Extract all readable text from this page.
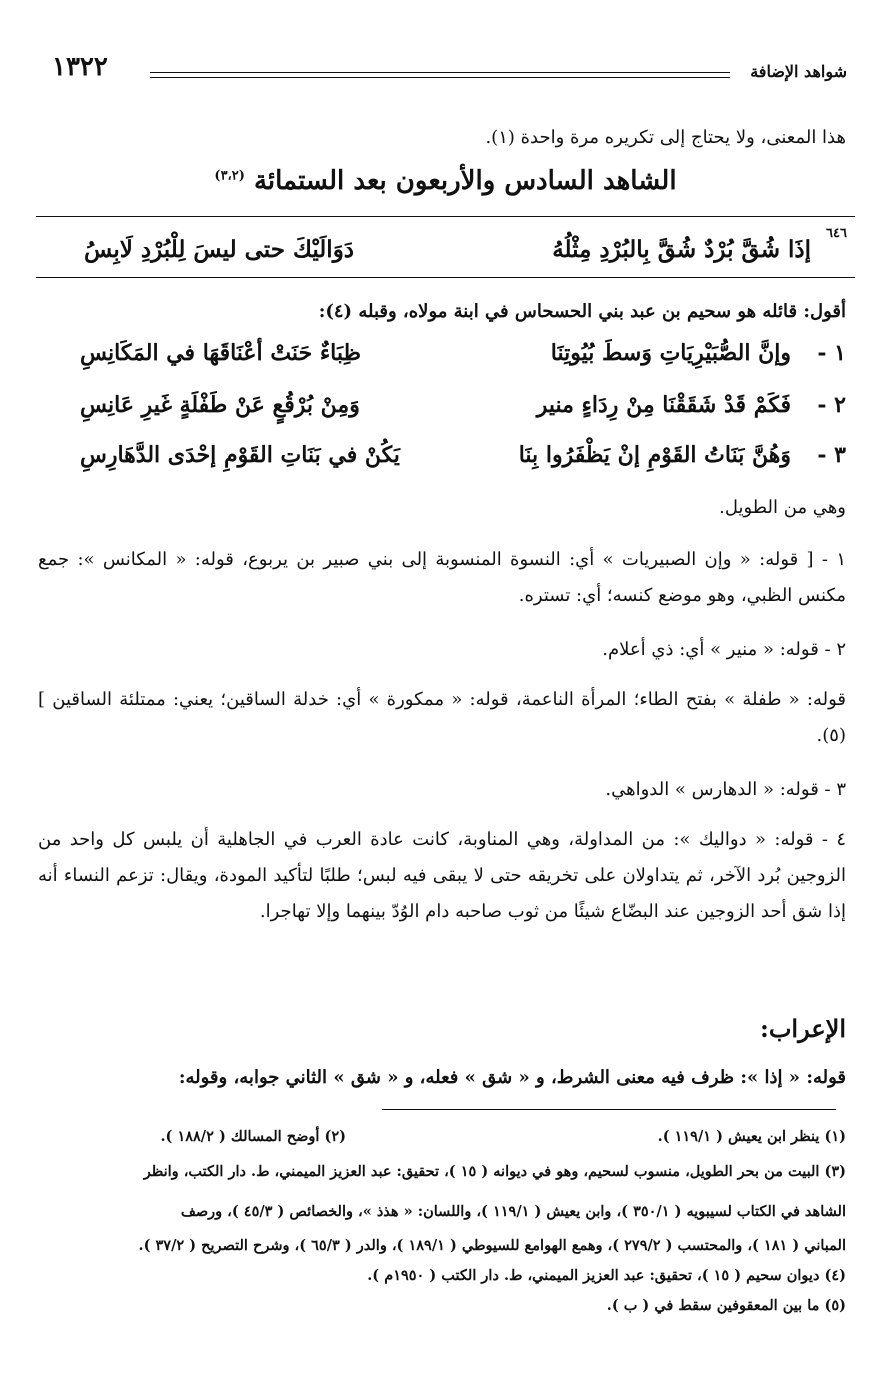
١٣٢٢	شواهد الإضافة
هذا المعنى، ولا يحتاج إلى تكريره مرة واحدة (١).
الشاهد السادس والأربعون بعد الستمائة $^{(٣،٢)}$
٦٤٦
إذَا شُقَّ بُرْدٌ شُقَّ بِالبُرْدِ مِثْلُهُ
دَوَالَيْكَ حتى ليسَ لِلْبُرْدِ لَابِسُ
أقول: قائله هو سحيم بن عبد بني الحسحاس في ابنة مولاه، وقبله (٤):
١ -
وإنَّ الصُّبَيْرِيَاتِ وَسطَ بُيُوتِنَا
ظِبَاءٌ حَنَتْ أعْنَاقَهَا في المَكَانِسِ
٢ -
فَكَمْ قَدْ شَقَقْنَا مِنْ رِدَاءٍ منير
وَمِنْ بُرْقُعٍ عَنْ طَفْلَةٍ غَيرِ عَانِسِ
٣ -
وَهُنَّ بَنَاتُ القَوْمِ إنْ يَظْفَرُوا بِنَا
يَكُنْ في بَنَاتِ القَوْمِ إحْدَى الدَّهَارِسِ
وهي من الطويل.
١ - [ قوله: « وإن الصبيريات » أي: النسوة المنسوبة إلى بني صبير بن يربوع، قوله: « المكانس »: جمع مكنس الظبي، وهو موضع كنسه؛ أي: تستره.
٢ - قوله: « منير » أي: ذي أعلام.
قوله: « طفلة » بفتح الطاء؛ المرأة الناعمة، قوله: « ممكورة » أي: خدلة الساقين؛ يعني: ممتلئة الساقين ] (٥).
٣ - قوله: « الدهارس » الدواهي.
٤ - قوله: « دواليك »: من المداولة، وهي المناوبة، كانت عادة العرب في الجاهلية أن يلبس كل واحد من الزوجين بُرد الآخر، ثم يتداولان على تخريقه حتى لا يبقى فيه لبس؛ طلبًا لتأكيد المودة، ويقال: تزعم النساء أنه إذا شق أحد الزوجين عند البضّاع شيئًا من ثوب صاحبه دام الوُدّ بينهما وإلا تهاجرا.
الإعراب:
قوله: « إذا »: ظرف فيه معنى الشرط، و « شق » فعله، و « شق » الثاني جوابه، وقوله:
(١) ينظر ابن يعيش ( ١١٩/١ ).
(٢) أوضح المسالك ( ١٨٨/٢ ).
(٣) البيت من بحر الطويل، منسوب لسحيم، وهو في ديوانه ( ١٥ )، تحقيق: عبد العزيز الميمني، ط. دار الكتب، وانظر
الشاهد في الكتاب لسيبويه ( ٣٥٠/١ )، وابن يعيش ( ١١٩/١ )، واللسان: « هذذ »، والخصائص ( ٤٥/٣ )، ورصف
المباني ( ١٨١ )، والمحتسب ( ٢٧٩/٢ )، وهمع الهوامع للسيوطي ( ١٨٩/١ )، والدر ( ٦٥/٣ )، وشرح التصريح ( ٣٧/٢ ).
(٤) ديوان سحيم ( ١٥ )، تحقيق: عبد العزيز الميمني، ط. دار الكتب ( ١٩٥٠م ).
(٥) ما بين المعقوفين سقط في ( ب ).
